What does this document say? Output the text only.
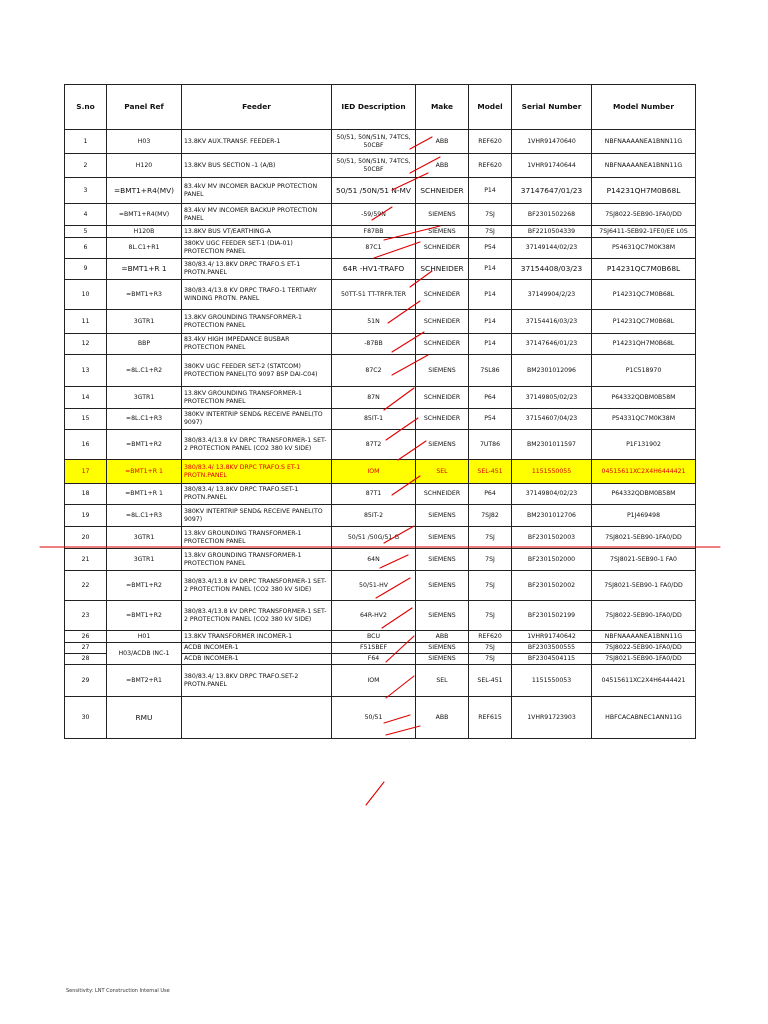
S.no	Panel Ref	Feeder	IED Description	Make	Model	Serial Number	Model Number
1	H03	13.8KV AUX.TRANSF. FEEDER-1	50/51, 50N/51N, 74TCS, 50CBF	ABB	REF620	1VHR91470640	NBFNAAAANEA1BNN11G
2	H120	13.8KV BUS SECTION -1 (A/B)	50/51, 50N/51N, 74TCS, 50CBF	ABB	REF620	1VHR91740644	NBFNAAAANEA1BNN11G
3	=BMT1+R4(MV)	83.4kV MV INCOMER BACKUP PROTECTION PANEL	50/51 /50N/51 N-MV	SCHNEIDER	P14	37147647/01/23	P14231QH7M0B68L
4	=BMT1+R4(MV)	83.4kV MV INCOMER BACKUP PROTECTION PANEL	-59/59N	SIEMENS	7SJ	BF2301502268	7SJ8022-5EB90-1FA0/DD
5	H120B	13.8KV BUS VT/EARTHING-A	F87BB	SIEMENS	7SJ	BF2210504339	7SJ6411-5EB92-1FE0/EE L0S
6	8L.C1+R1	380KV UGC FEEDER SET-1 (DIA-01) PROTECTION PANEL	87C1	SCHNEIDER	P54	37149144/02/23	P54631QC7M0K38M
9	=BMT1+R 1	380/83.4/ 13.8KV DRPC TRAFO.S ET-1 PROTN.PANEL	64R -HV1-TRAFO	SCHNEIDER	P14	37154408/03/23	P14231QC7M0B68L
10	=BMT1+R3	380/83.4/13.8 KV DRPC TRAFO-1 TERTIARY WINDING PROTN. PANEL	50TT-51 TT-TRFR.TER	SCHNEIDER	P14	37149904/2/23	P14231QC7M0B68L
11	3GTR1	13.8KV GROUNDING TRANSFORMER-1 PROTECTION PANEL	51N	SCHNEIDER	P14	37154416/03/23	P14231QC7M0B68L
12	BBP	83.4kV HIGH IMPEDANCE BUSBAR PROTECTION PANEL	-87BB	SCHNEIDER	P14	37147646/01/23	P14231QH7M0B68L
13	=8L.C1+R2	380KV UGC FEEDER SET-2 (STATCOM) PROTECTION PANEL(TO 9097 BSP DAI-C04)	87C2	SIEMENS	7SL86	BM2301012096	P1C518970
14	3GTR1	13.8KV GROUNDING TRANSFORMER-1 PROTECTION PANEL	87N	SCHNEIDER	P64	37149805/02/23	P64332QDBM0B58M
15	=8L.C1+R3	380KV INTERTRIP SEND& RECEIVE PANEL(TO 9097)	85IT-1	SCHNEIDER	P54	37154607/04/23	P54331QC7M0K38M
16	=BMT1+R2	380/83.4/13.8 kV DRPC TRANSFORMER-1 SET-2 PROTECTION PANEL (CO2 380 kV SIDE)	87T2	SIEMENS	7UT86	BM2301011597	P1F131902
17	=BMT1+R 1	380/83.4/ 13.8KV DRPC TRAFO.S ET-1 PROTN.PANEL	IOM	SEL	SEL-451	1151550055	04515611XC2X4H6444421
18	=BMT1+R 1	380/83.4/ 13.8KV DRPC TRAFO.SET-1 PROTN.PANEL	87T1	SCHNEIDER	P64	37149804/02/23	P64332QDBM0B58M
19	=8L.C1+R3	380KV INTERTRIP SEND& RECEIVE PANEL(TO 9097)	85IT-2	SIEMENS	7SJ82	BM2301012706	P1J469498
20	3GTR1	13.8kV GROUNDING TRANSFORMER-1 PROTECTION PANEL	50/51 /50G/51 G	SIEMENS	7SJ	BF2301502003	7SJ8021-5EB90-1FA0/DD
21	3GTR1	13.8kV GROUNDING TRANSFORMER-1 PROTECTION PANEL	64N	SIEMENS	7SJ	BF2301502000	7SJ8021-5EB90-1 FA0
22	=BMT1+R2	380/83.4/13.8 kV DRPC TRANSFORMER-1 SET-2 PROTECTION PANEL (CO2 380 kV SIDE)	50/51-HV	SIEMENS	7SJ	BF2301502002	7SJ8021-5EB90-1 FA0/DD
23	=BMT1+R2	380/83.4/13.8 kV DRPC TRANSFORMER-1 SET-2 PROTECTION PANEL (CO2 380 kV SIDE)	64R-HV2	SIEMENS	7SJ	BF2301502199	7SJ8022-5EB90-1FA0/DD
26	H01	13.8KV TRANSFORMER INCOMER-1	BCU	ABB	REF620	1VHR91740642	NBFNAAAANEA1BNN11G
27	H03/ACDB INC-1	ACDB INCOMER-1	F51SBEF	SIEMENS	7SJ	BF2303500555	7SJ8022-5EB90-1FA0/DD
28		ACDB INCOMER-1	F64	SIEMENS	7SJ	BF2304504115	7SJ8021-5EB90-1FA0/DD
29	=BMT2+R1	380/83.4/ 13.8KV DRPC TRAFO.SET-2 PROTN.PANEL	IOM	SEL	SEL-451	1151550053	04515611XC2X4H6444421
30	RMU		50/51	ABB	REF615	1VHR91723903	HBFCACABNEC1ANN11G
Sensitivity: LNT Construction Internal Use
